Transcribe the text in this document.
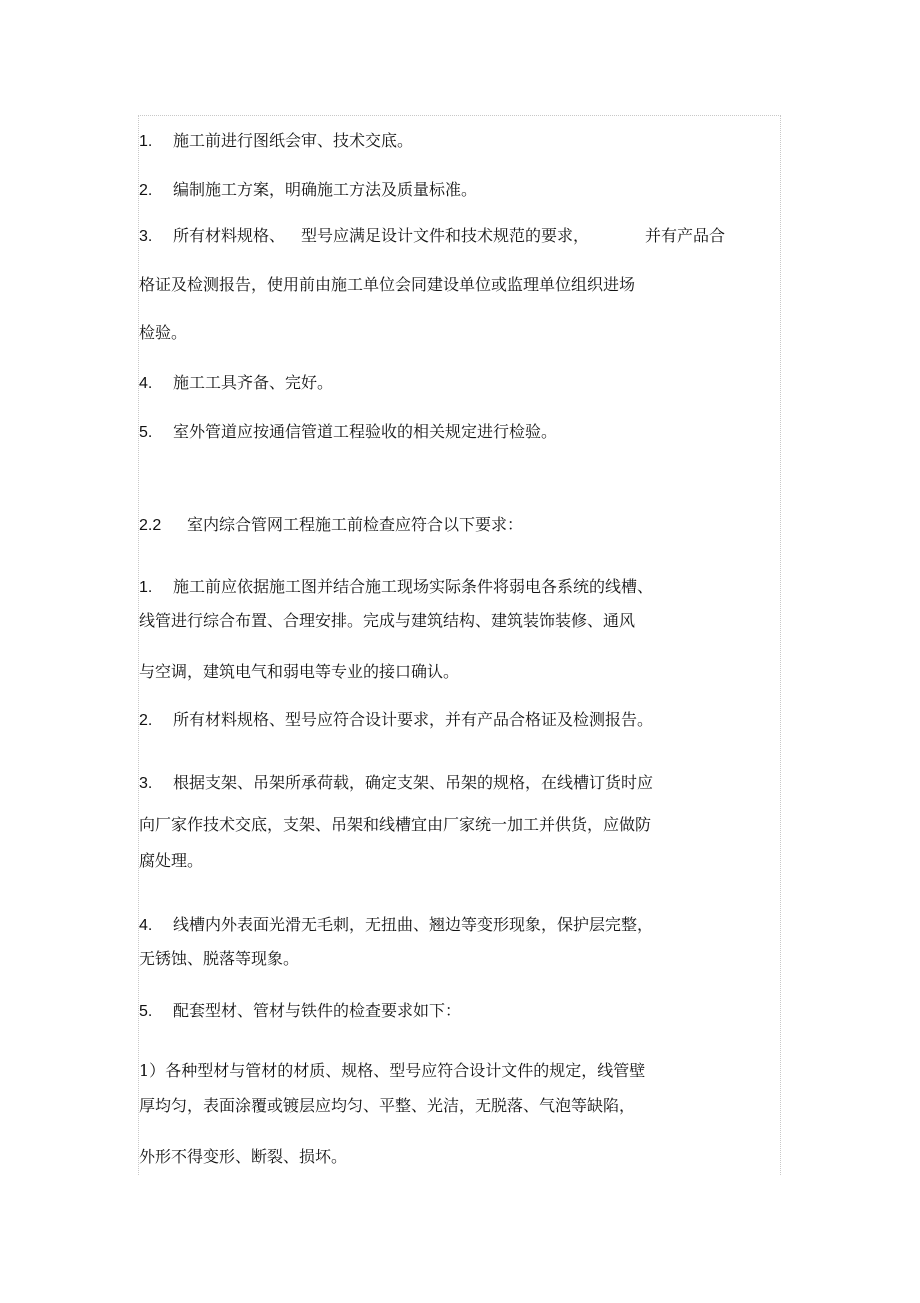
1. 施工前进行图纸会审、技术交底。
2. 编制施工方案，明确施工方法及质量标准。
3. 所有材料规格、 型号应满足设计文件和技术规范的要求，	并有产品合
格证及检测报告，使用前由施工单位会同建设单位或监理单位组织进场
检验。
4. 施工工具齐备、完好。
5. 室外管道应按通信管道工程验收的相关规定进行检验。
2.2 室内综合管网工程施工前检查应符合以下要求：
1. 施工前应依据施工图并结合施工现场实际条件将弱电各系统的线槽、
线管进行综合布置、合理安排。完成与建筑结构、建筑装饰装修、通风
与空调，建筑电气和弱电等专业的接口确认。
2. 所有材料规格、型号应符合设计要求，并有产品合格证及检测报告。
3. 根据支架、吊架所承荷载，确定支架、吊架的规格，在线槽订货时应
向厂家作技术交底，支架、吊架和线槽宜由厂家统一加工并供货，应做防
腐处理。
4. 线槽内外表面光滑无毛刺，无扭曲、翘边等变形现象，保护层完整，
无锈蚀、脱落等现象。
5. 配套型材、管材与铁件的检查要求如下：
1）各种型材与管材的材质、规格、型号应符合设计文件的规定，线管壁
厚均匀，表面涂覆或镀层应均匀、平整、光洁，无脱落、气泡等缺陷，
外形不得变形、断裂、损坏。
